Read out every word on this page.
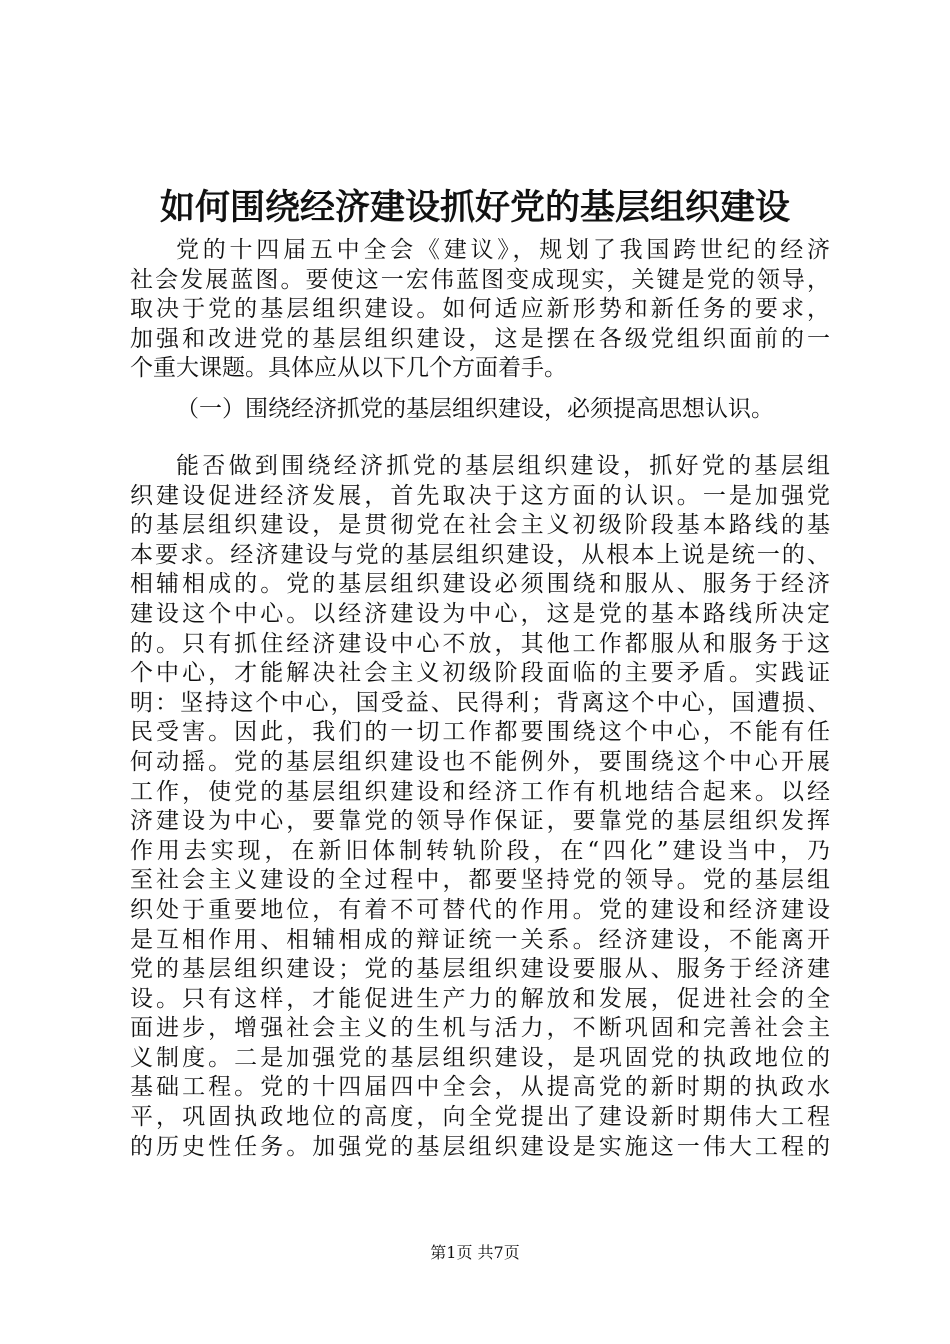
如何围绕经济建设抓好党的基层组织建设
党的十四届五中全会《建议》，规划了我国跨世纪的经济
社会发展蓝图。要使这一宏伟蓝图变成现实，关键是党的领导，
取决于党的基层组织建设。如何适应新形势和新任务的要求，
加强和改进党的基层组织建设，这是摆在各级党组织面前的一
个重大课题。具体应从以下几个方面着手。
（一）围绕经济抓党的基层组织建设，必须提高思想认识。
能否做到围绕经济抓党的基层组织建设，抓好党的基层组
织建设促进经济发展，首先取决于这方面的认识。一是加强党
的基层组织建设，是贯彻党在社会主义初级阶段基本路线的基
本要求。经济建设与党的基层组织建设，从根本上说是统一的、
相辅相成的。党的基层组织建设必须围绕和服从、服务于经济
建设这个中心。以经济建设为中心，这是党的基本路线所决定
的。只有抓住经济建设中心不放，其他工作都服从和服务于这
个中心，才能解决社会主义初级阶段面临的主要矛盾。实践证
明：坚持这个中心，国受益、民得利；背离这个中心，国遭损、
民受害。因此，我们的一切工作都要围绕这个中心，不能有任
何动摇。党的基层组织建设也不能例外，要围绕这个中心开展
工作，使党的基层组织建设和经济工作有机地结合起来。以经
济建设为中心，要靠党的领导作保证，要靠党的基层组织发挥
作用去实现，在新旧体制转轨阶段，在“四化”建设当中，乃
至社会主义建设的全过程中，都要坚持党的领导。党的基层组
织处于重要地位，有着不可替代的作用。党的建设和经济建设
是互相作用、相辅相成的辩证统一关系。经济建设，不能离开
党的基层组织建设；党的基层组织建设要服从、服务于经济建
设。只有这样，才能促进生产力的解放和发展，促进社会的全
面进步，增强社会主义的生机与活力，不断巩固和完善社会主
义制度。二是加强党的基层组织建设，是巩固党的执政地位的
基础工程。党的十四届四中全会，从提高党的新时期的执政水
平，巩固执政地位的高度，向全党提出了建设新时期伟大工程
的历史性任务。加强党的基层组织建设是实施这一伟大工程的
第1页 共7页
